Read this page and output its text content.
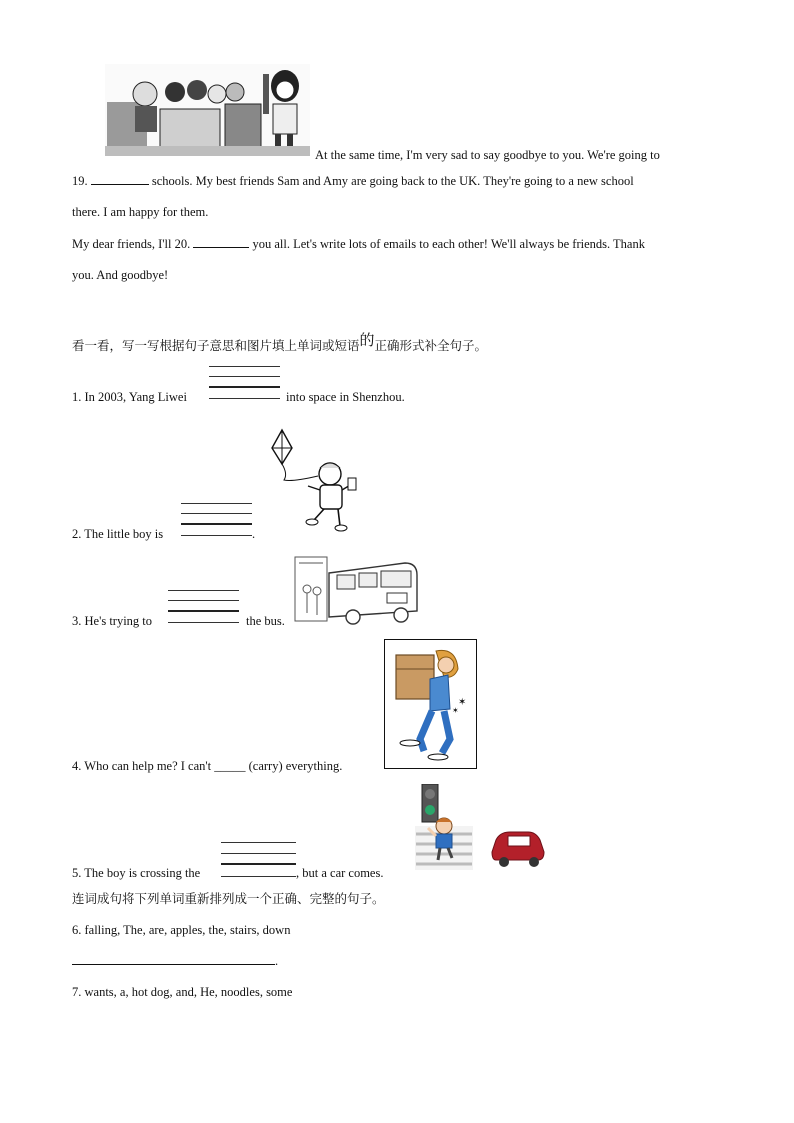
At the same time, I'm very sad to say goodbye to you. We're going to
19.	schools. My best friends Sam and Amy are going back to the UK. They're going to a new school
there. I am happy for them.
My dear friends, I'll 20.	you all. Let's write lots of emails to each other! We'll always be friends. Thank
you. And goodbye!
看一看，写一写根据句子意思和图片填上单词或短语的正确形式补全句子。
1. In 2003, Yang Liwei	into space in Shenzhou.
2. The little boy is	.
3. He's trying to	the bus.
✶
✶
4. Who can help me? I can't _____ (carry) everything.
5. The boy is crossing the	, but a car comes.
连词成句将下列单词重新排列成一个正确、完整的句子。
6. falling, The, are, apples, the, stairs, down
.
7. wants, a, hot dog, and, He, noodles, some
